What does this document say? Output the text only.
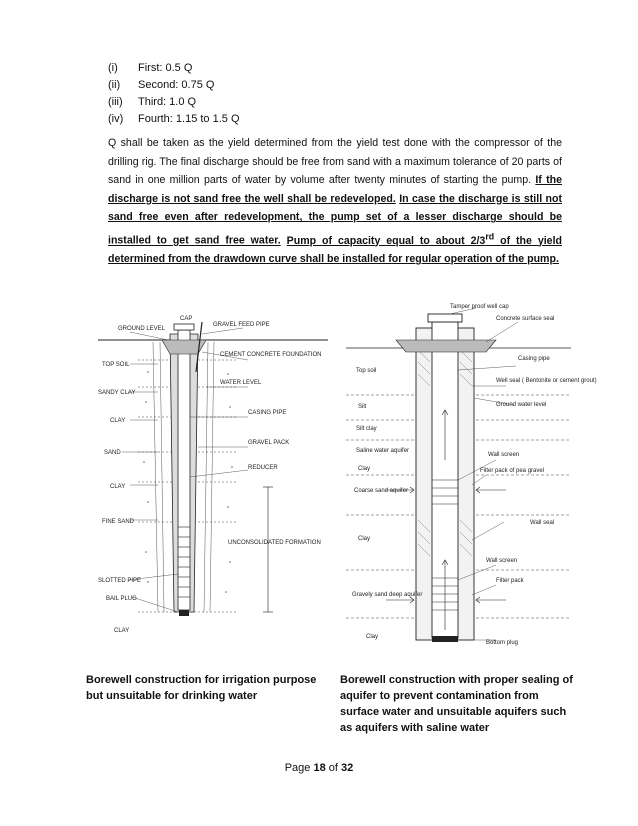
(i)	First: 0.5 Q
(ii)	Second: 0.75 Q
(iii)	Third: 1.0 Q
(iv)	Fourth: 1.15 to 1.5 Q
Q shall be taken as the yield determined from the yield test done with the compressor of the drilling rig. The final discharge should be free from sand with a maximum tolerance of 20 parts of sand in one million parts of water by volume after twenty minutes of starting the pump. If the discharge is not sand free the well shall be redeveloped. In case the discharge is still not sand free even after redevelopment, the pump set of a lesser discharge should be installed to get sand free water. Pump of capacity equal to about 2/3rd of the yield determined from the drawdown curve shall be installed for regular operation of the pump.
GROUND LEVEL
GRAVEL FEED PIPE
CAP
TOP SOIL
CEMENT CONCRETE FOUNDATION
SANDY CLAY
WATER LEVEL
CLAY
CASING PIPE
SAND
GRAVEL PACK
REDUCER
CLAY
FINE SAND
UNCONSOLIDATED FORMATION
SLOTTED PIPE
BAIL PLUG
CLAY
Tamper proof well cap
Concrete surface seal
Casing pipe
Top soil
Well seal ( Bentonite or cement grout)
Ground water level
Silt
Silt clay
Saline water aquifer
Wall screen
Clay	Filter pack of pea gravel
Coarse sand aquifer
Wall seal
Clay
Wall screen
Filter pack
Gravely sand deep aquifer
Clay
Bottom plug
Borewell construction for irrigation purpose but unsuitable for drinking water
Borewell construction with proper sealing of
aquifer to prevent contamination from
surface water and unsuitable aquifers such
as aquifers with saline water
Page 18 of 32
